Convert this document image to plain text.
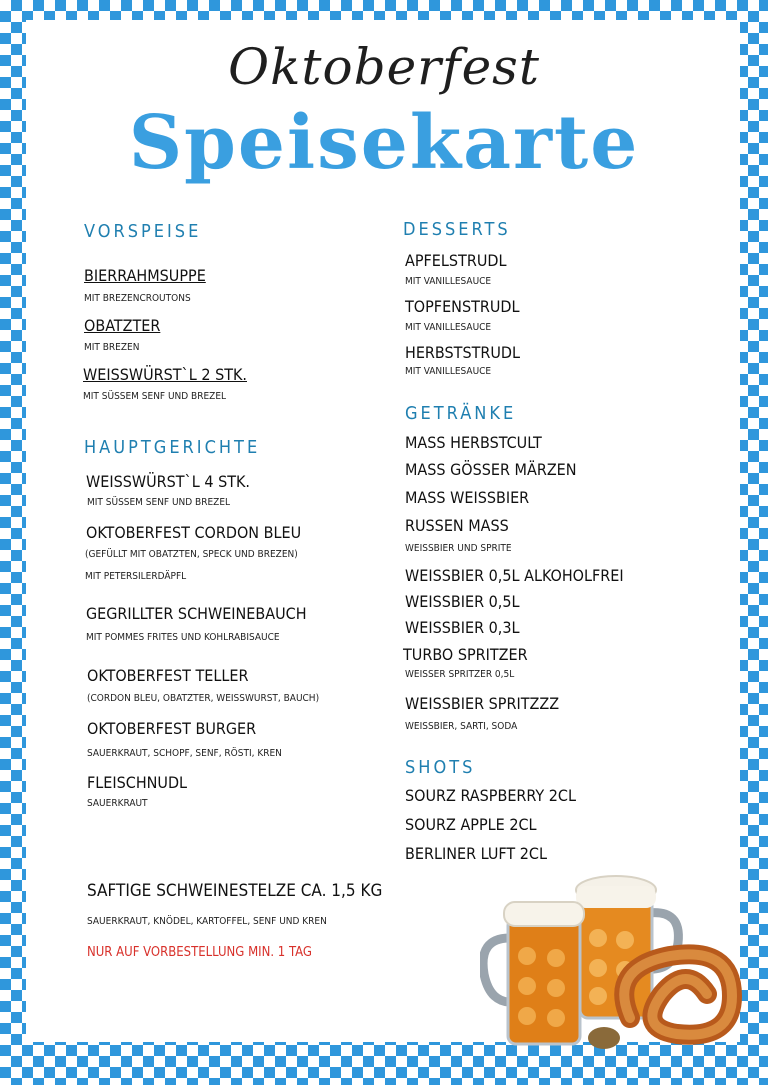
Oktoberfest
Speisekarte
VORSPEISE
BIERRAHMSUPPE
MIT BREZENCROUTONS
OBATZTER
MIT BREZEN
WEISSWÜRST`L 2 STK.
MIT SÜSSEM SENF UND BREZEL
HAUPTGERICHTE
WEISSWÜRST`L 4 STK.
MIT SÜSSEM SENF UND BREZEL
OKTOBERFEST CORDON BLEU
(GEFÜLLT MIT OBATZTEN, SPECK UND BREZEN)
MIT PETERSILERDÄPFL
GEGRILLTER SCHWEINEBAUCH
MIT POMMES FRITES UND KOHLRABISAUCE
OKTOBERFEST TELLER
(CORDON BLEU, OBATZTER, WEISSWURST, BAUCH)
OKTOBERFEST BURGER
SAUERKRAUT, SCHOPF, SENF, RÖSTI, KREN
FLEISCHNUDL
SAUERKRAUT
SAFTIGE SCHWEINESTELZE CA. 1,5 KG
SAUERKRAUT, KNÖDEL, KARTOFFEL, SENF UND KREN
NUR AUF VORBESTELLUNG MIN. 1 TAG
DESSERTS
APFELSTRUDL
MIT VANILLESAUCE
TOPFENSTRUDL
MIT VANILLESAUCE
HERBSTSTRUDL
MIT VANILLESAUCE
GETRÄNKE
MASS HERBSTCULT
MASS GÖSSER MÄRZEN
MASS WEISSBIER
RUSSEN MASS
WEISSBIER UND SPRITE
WEISSBIER 0,5L ALKOHOLFREI
WEISSBIER 0,5L
WEISSBIER 0,3L
TURBO SPRITZER
WEISSER SPRITZER 0,5L
WEISSBIER SPRITZZZ
WEISSBIER, SARTI, SODA
SHOTS
SOURZ RASPBERRY 2CL
SOURZ APPLE 2CL
BERLINER LUFT 2CL
